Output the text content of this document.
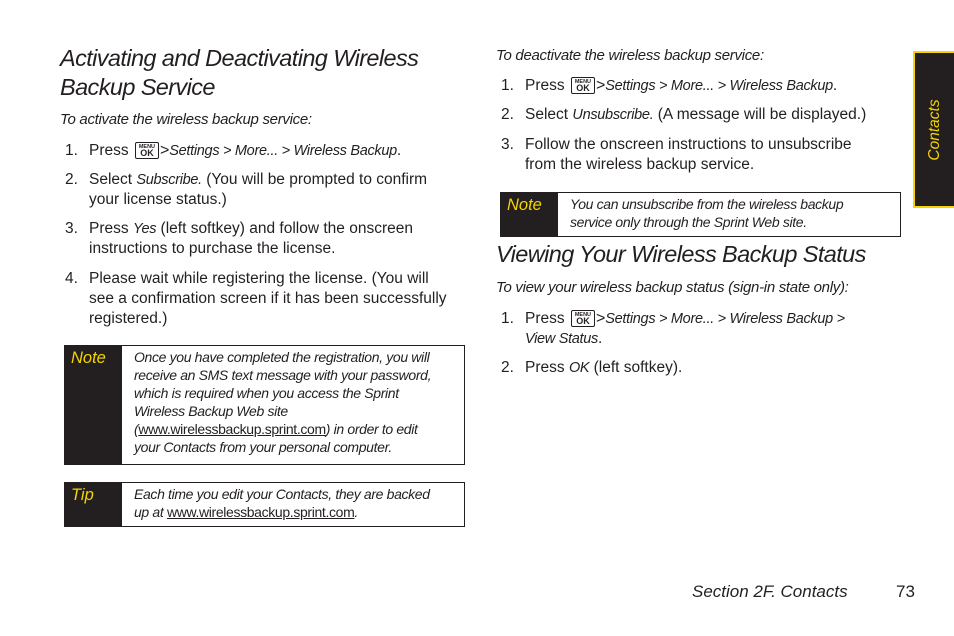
Activating and Deactivating Wireless
Backup Service

To activate the wireless backup service:

1. Press	MENU
OK >Settings > More... > Wireless Backup.
2. Select Subscribe. (You will be prompted to confirm
your license status.)
3. Press Yes (left softkey) and follow the onscreen
instructions to purchase the license.
4. Please wait while registering the license. (You will
see a confirmation screen if it has been successfully
registered.)
Note	Once you have completed the registration, you will
receive an SMS text message with your password,
which is required when you access the Sprint
Wireless Backup Web site
(www.wirelessbackup.sprint.com) in order to edit
your Contacts from your personal computer.
Tip	Each time you edit your Contacts, they are backed
up at www.wirelessbackup.sprint.com.

To deactivate the wireless backup service:

1. Press	MENU
OK >Settings > More... > Wireless Backup.
2. Select Unsubscribe. (A message will be displayed.)
3. Follow the onscreen instructions to unsubscribe
from the wireless backup service.
Viewing Your Wireless Backup Status

To view your wireless backup status (sign-in state only):

1. Press	MENU
OK >Settings > More... > Wireless Backup >
View Status.
2. Press OK (left softkey).
Note	You can unsubscribe from the wireless backup
service only through the Sprint Web site.
Contacts
Section 2F. Contacts	73
